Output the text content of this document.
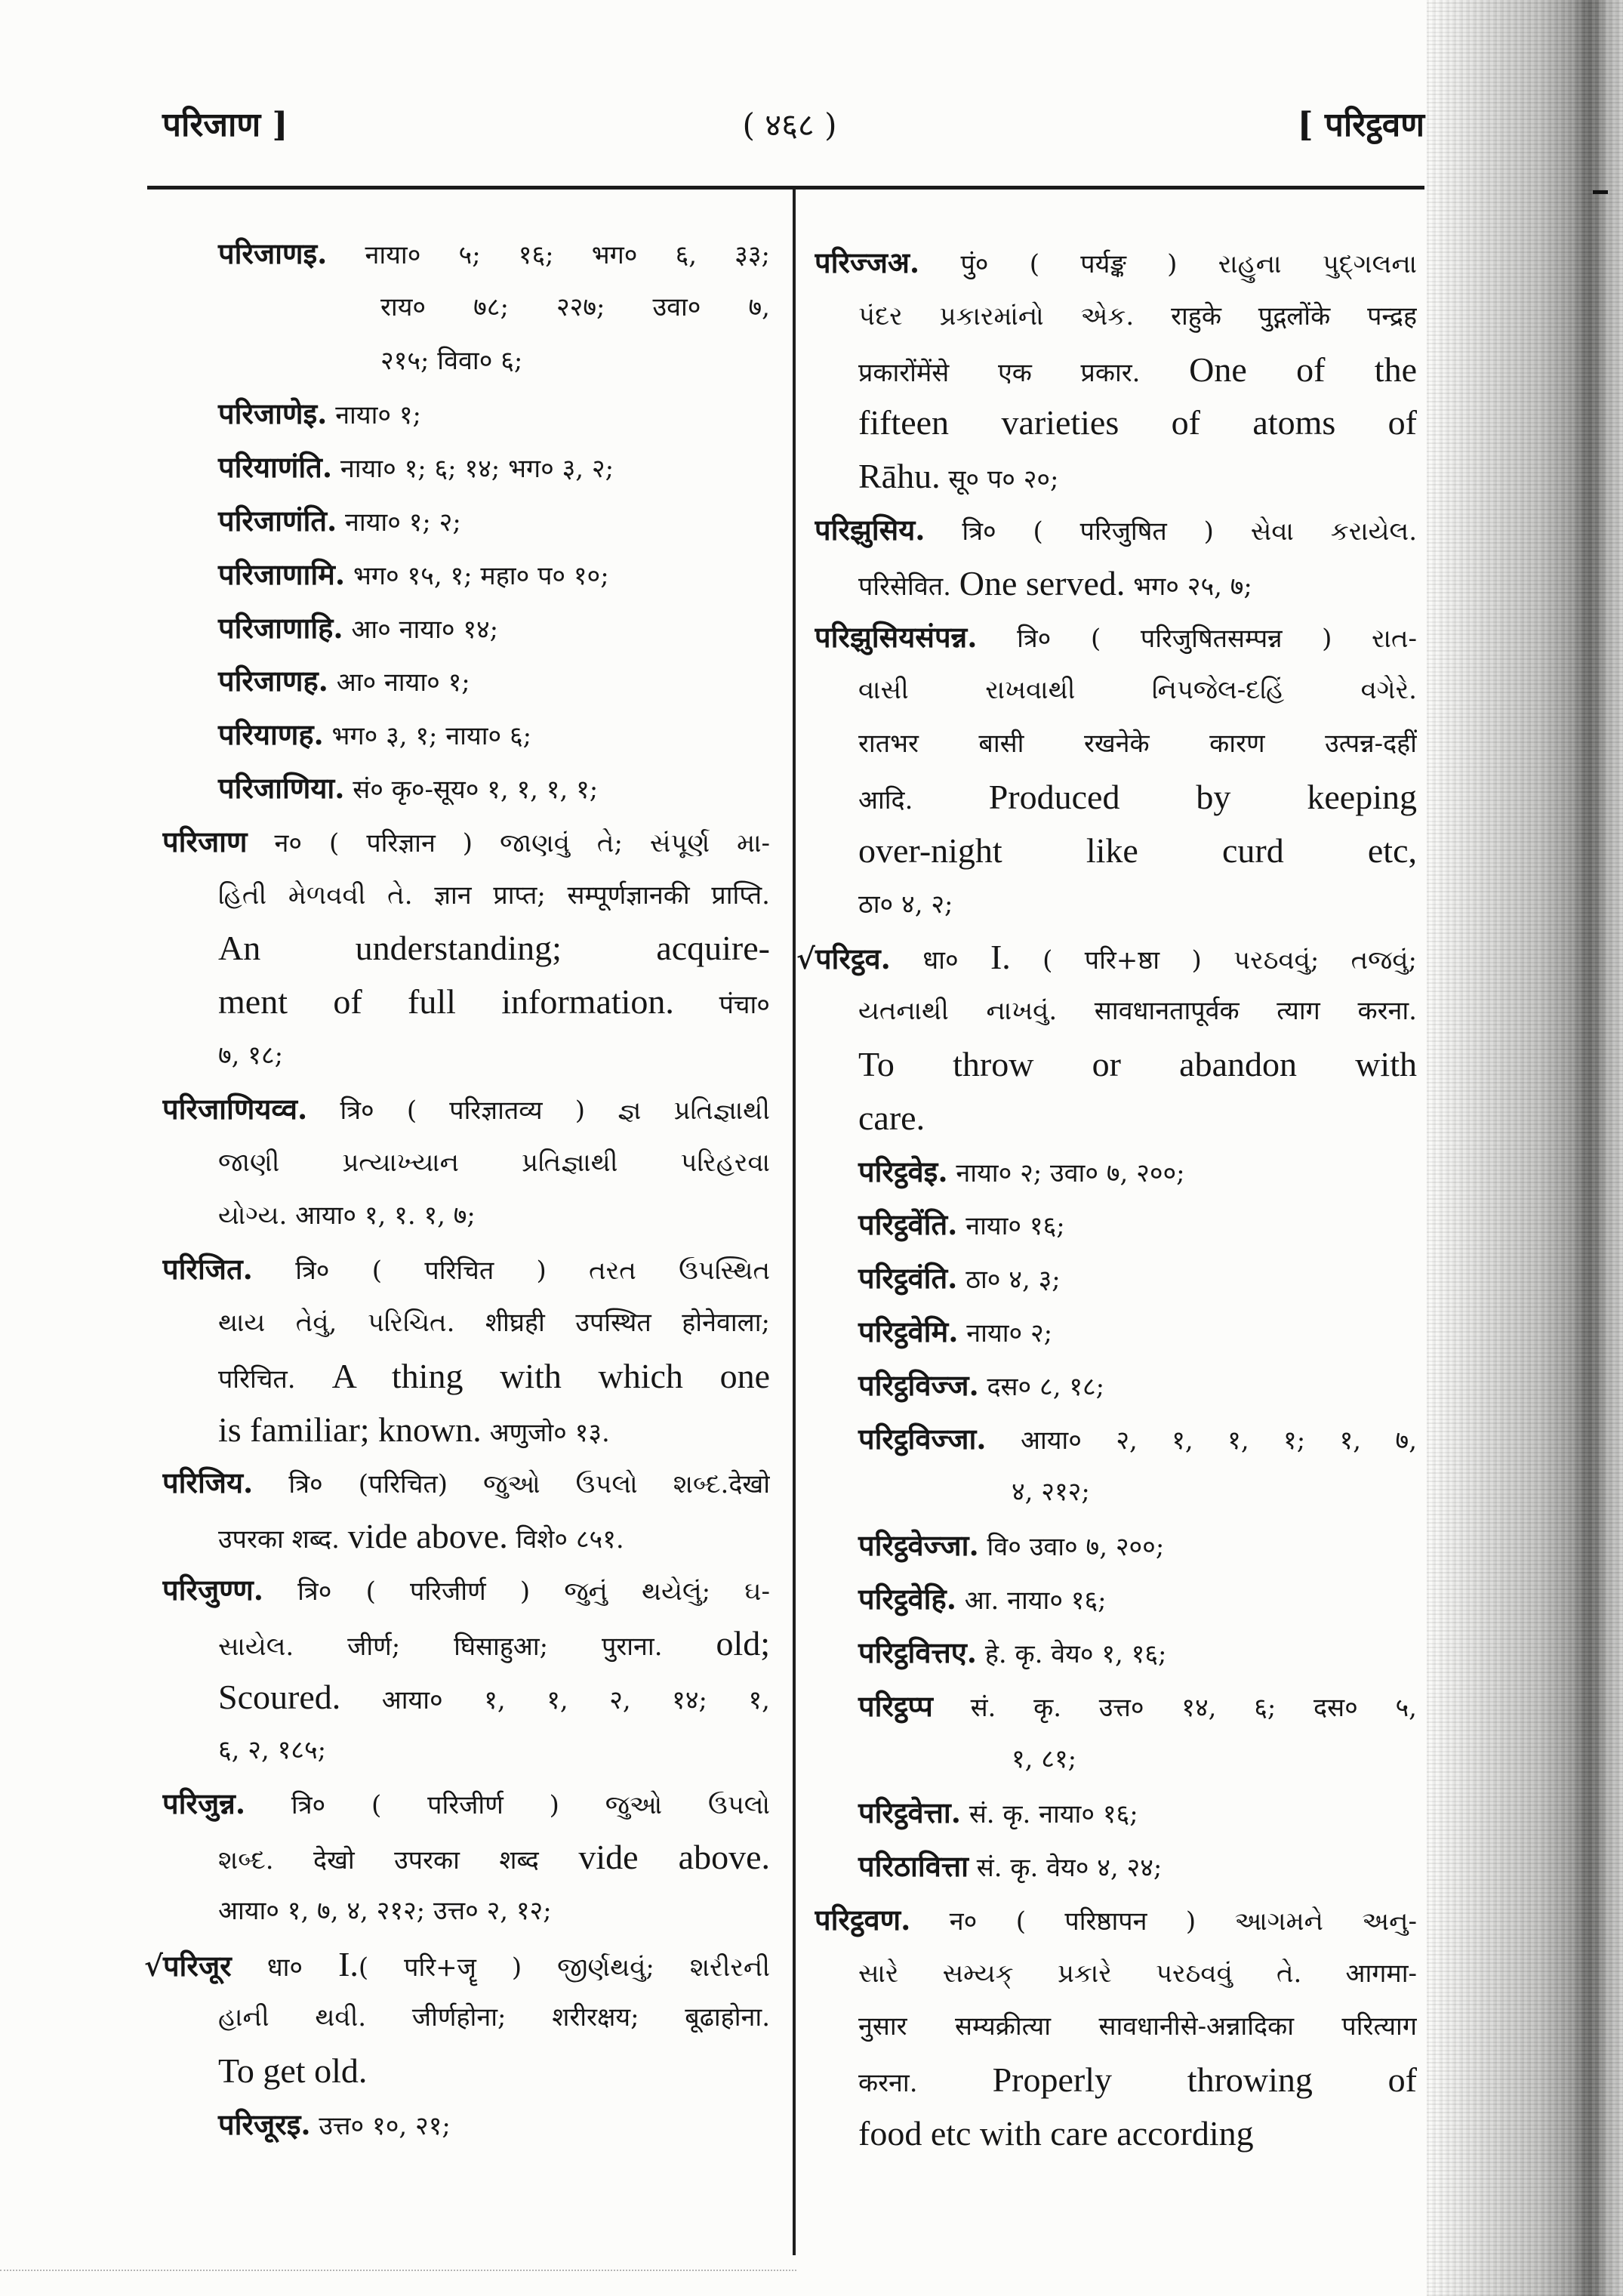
परिजाण ]	( ४६८ )	[ परिट्ठवण
परिजाणइ. नाया० ५; १६; भग० ६, ३३;
राय० ७८; २२७; उवा० ७,
२१५; विवा० ६;
परिजाणेइ. नाया० १;
परियाणंति. नाया० १; ६; १४; भग० ३, २;
परिजाणंति. नाया० १; २;
परिजाणामि. भग० १५, १; महा० प० १०;
परिजाणाहि. आ० नाया० १४;
परिजाणह. आ० नाया० १;
परियाणह. भग० ३, १; नाया० ६;
परिजाणिया. सं० कृ०-सूय० १, १, १, १;
परिजाण न० ( परिज्ञान ) જાણવું તે; સંપૂર્ણ મા-
હિતી મેળવવી તે. ज्ञान प्राप्त; सम्पूर्णज्ञानकी प्राप्ति.
An understanding; acquire-
ment of full information. पंचा०
७, १८;
परिजाणियव्व. त्रि० ( परिज्ञातव्य ) જ્ઞ પ્રતિજ્ઞાથી
જાણી પ્રત્યાખ્યાન પ્રતિજ્ઞાથી પરિહરવા
યોગ્ય. आया० १, १. १, ७;
परिजित. त्रि० ( परिचित ) તરત ઉપસ્થિત
થાય તેવું, પરિચિત. शीघ्रही उपस्थित होनेवाला;
परिचित. A thing with which one
is familiar; known. अणुजो० १३.
परिजिय. त्रि० (परिचित) જુઓ ઉપલો શબ્દ.देखो
उपरका शब्द. vide above. विशे० ८५१.
परिजुण्ण. त्रि० ( परिजीर्ण ) જુનું થયેલું; ઘ-
સાયેલ. जीर्ण; घिसाहुआ; पुराना. old;
Scoured. आया० १, १, २, १४; १,
६, २, १८५;
परिजुन्न. त्रि० ( परिजीर्ण ) જુઓ ઉપલો
શબ્દ. देखो उपरका शब्द vide above.
आया० १, ७, ४, २१२; उत्त० २, १२;
√परिजूर धा० I.( परि+जॄ ) જીર્ણથવું; શરીરની
હાની થવી. जीर्णहोना; शरीरक्षय; बूढाहोना.
To get old.
परिजूरइ. उत्त० १०, २१;
परिज्जअ. पुं० ( पर्यङ्क ) રાહુના પુદ્‌ગલના
પંદર પ્રકારમાંનો એક. राहुके पुद्गलोंके पन्द्रह
प्रकारोंमेंसे एक प्रकार. One of the
fifteen varieties of atoms of
Rāhu. सू० प० २०;
परिझुसिय. त्रि० ( परिजुषित ) સેવા કરાયેલ.
परिसेवित. One served. भग० २५, ७;
परिझुसियसंपन्न. त्रि० ( परिजुषितसम्पन्न ) રાત-
વાસી રાખવાથી નિપજેલ-દહિં વગેરે.
रातभर बासी रखनेके कारण उत्पन्न-दहीं
आदि. Produced by keeping
over-night like curd etc,
ठा० ४, २;
√परिट्ठव. धा० I. ( परि+ष्ठा ) પરઠવવું; તજવું;
યતનાથી નાખવું. सावधानतापूर्वक त्याग करना.
To throw or abandon with
care.
परिट्ठवेइ. नाया० २; उवा० ७, २००;
परिट्ठवेंति. नाया० १६;
परिट्ठवंति. ठा० ४, ३;
परिट्ठवेमि. नाया० २;
परिट्ठविज्ज. दस० ८, १८;
परिट्ठविज्जा. आया० २, १, १, १; १, ७,
४, २१२;
परिट्ठवेज्जा. वि० उवा० ७, २००;
परिट्ठवेहि. आ. नाया० १६;
परिट्ठवित्तए. हे. कृ. वेय० १, १६;
परिट्ठप्प सं. कृ. उत्त० १४, ६; दस० ५,
१, ८१;
परिट्ठवेत्ता. सं. कृ. नाया० १६;
परिठावित्ता सं. कृ. वेय० ४, २४;
परिट्ठवण. न० ( परिष्ठापन ) આગમને અનુ-
સારે સમ્યક્ પ્રકારે પરઠવવું તે. आगमा-
नुसार सम्यक्रीत्या सावधानीसे-अन्नादिका परित्याग
करना. Properly throwing of
food etc with care according
